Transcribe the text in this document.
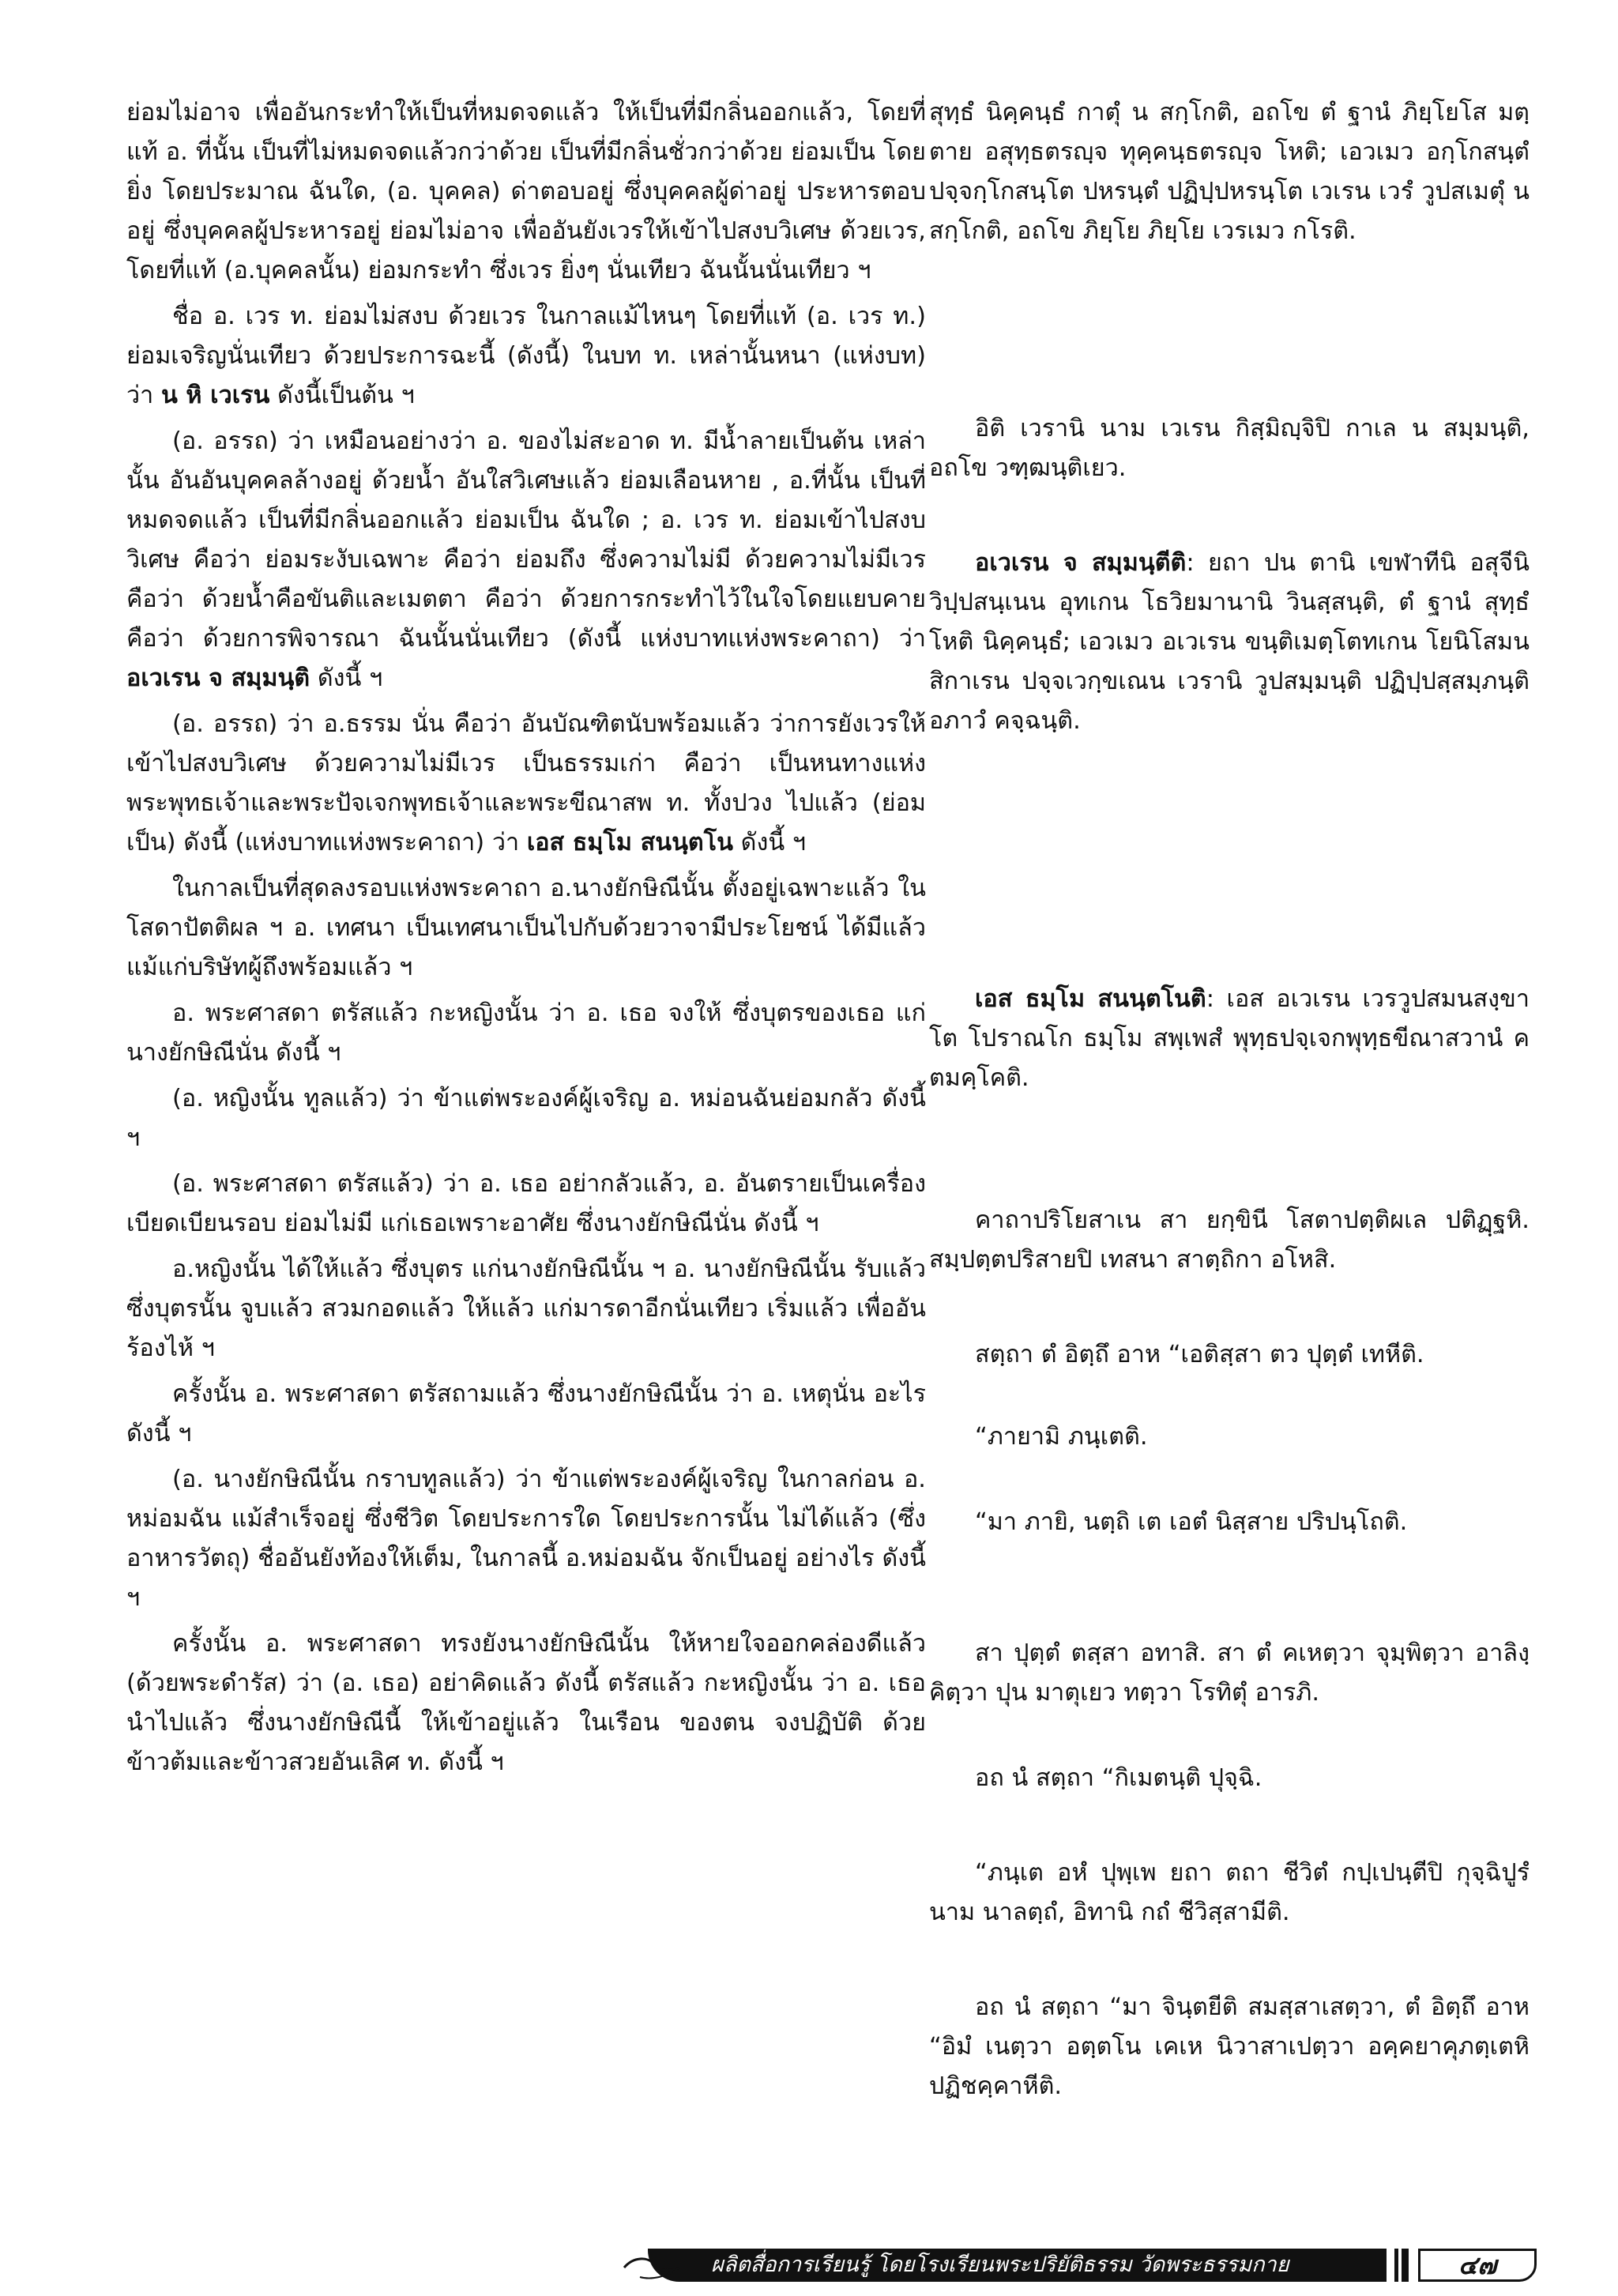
ย่อมไม่อาจ เพื่ออันกระทำให้เป็นที่หมดจดแล้ว ให้เป็นที่มีกลิ่นออกแล้ว, โดยที่แท้ อ. ที่นั้น เป็นที่ไม่หมดจดแล้วกว่าด้วย เป็นที่มีกลิ่นชั่วกว่าด้วย ย่อมเป็น โดยยิ่ง โดยประมาณ ฉันใด, (อ. บุคคล) ด่าตอบอยู่ ซึ่งบุคคลผู้ด่าอยู่ ประหารตอบอยู่ ซึ่งบุคคลผู้ประหารอยู่ ย่อมไม่อาจ เพื่ออันยังเวรให้เข้าไปสงบวิเศษ ด้วยเวร, โดยที่แท้ (อ.บุคคลนั้น) ย่อมกระทำ ซึ่งเวร ยิ่งๆ นั่นเทียว ฉันนั้นนั่นเทียว ฯ

ชื่อ อ. เวร ท. ย่อมไม่สงบ ด้วยเวร ในกาลแม้ไหนๆ โดยที่แท้ (อ. เวร ท.) ย่อมเจริญนั่นเทียว ด้วยประการฉะนี้ (ดังนี้) ในบท ท. เหล่านั้นหนา (แห่งบท) ว่า น หิ เวเรน ดังนี้เป็นต้น ฯ

(อ. อรรถ) ว่า เหมือนอย่างว่า อ. ของไม่สะอาด ท. มีน้ำลายเป็นต้น เหล่านั้น อันอันบุคคลล้างอยู่ ด้วยน้ำ อันใสวิเศษแล้ว ย่อมเลือนหาย , อ.ที่นั้น เป็นที่หมดจดแล้ว เป็นที่มีกลิ่นออกแล้ว ย่อมเป็น ฉันใด ; อ. เวร ท. ย่อมเข้าไปสงบวิเศษ คือว่า ย่อมระงับเฉพาะ คือว่า ย่อมถึง ซึ่งความไม่มี ด้วยความไม่มีเวร คือว่า ด้วยน้ำคือขันติและเมตตา คือว่า ด้วยการกระทำไว้ในใจโดยแยบคาย คือว่า ด้วยการพิจารณา ฉันนั้นนั่นเทียว (ดังนี้ แห่งบาทแห่งพระคาถา) ว่า อเวเรน จ สมฺมนฺติ ดังนี้ ฯ

(อ. อรรถ) ว่า อ.ธรรม นั่น คือว่า อันบัณฑิตนับพร้อมแล้ว ว่าการยังเวรให้เข้าไปสงบวิเศษ ด้วยความไม่มีเวร เป็นธรรมเก่า คือว่า เป็นหนทางแห่งพระพุทธเจ้าและพระปัจเจกพุทธเจ้าและพระขีณาสพ ท. ทั้งปวง ไปแล้ว (ย่อมเป็น) ดังนี้ (แห่งบาทแห่งพระคาถา) ว่า เอส ธมฺโม สนนฺตโน ดังนี้ ฯ

ในกาลเป็นที่สุดลงรอบแห่งพระคาถา อ.นางยักษิณีนั้น ตั้งอยู่เฉพาะแล้ว ในโสดาปัตติผล ฯ อ. เทศนา เป็นเทศนาเป็นไปกับด้วยวาจามีประโยชน์ ได้มีแล้ว แม้แก่บริษัทผู้ถึงพร้อมแล้ว ฯ

อ. พระศาสดา ตรัสแล้ว กะหญิงนั้น ว่า อ. เธอ จงให้ ซึ่งบุตรของเธอ แก่นางยักษิณีนั่น ดังนี้ ฯ

(อ. หญิงนั้น ทูลแล้ว) ว่า ข้าแต่พระองค์ผู้เจริญ อ. หม่อนฉันย่อมกลัว ดังนี้ ฯ

(อ. พระศาสดา ตรัสแล้ว) ว่า อ. เธอ อย่ากลัวแล้ว, อ. อันตรายเป็นเครื่องเบียดเบียนรอบ ย่อมไม่มี แก่เธอเพราะอาศัย ซึ่งนางยักษิณีนั่น ดังนี้ ฯ

อ.หญิงนั้น ได้ให้แล้ว ซึ่งบุตร แก่นางยักษิณีนั้น ฯ อ. นางยักษิณีนั้น รับแล้ว ซึ่งบุตรนั้น จูบแล้ว สวมกอดแล้ว ให้แล้ว แก่มารดาอีกนั่นเทียว เริ่มแล้ว เพื่ออันร้องไห้ ฯ

ครั้งนั้น อ. พระศาสดา ตรัสถามแล้ว ซึ่งนางยักษิณีนั้น ว่า อ. เหตุนั่น อะไร ดังนี้ ฯ

(อ. นางยักษิณีนั้น กราบทูลแล้ว) ว่า ข้าแต่พระองค์ผู้เจริญ ในกาลก่อน อ. หม่อมฉัน แม้สำเร็จอยู่ ซึ่งชีวิต โดยประการใด โดยประการนั้น ไม่ได้แล้ว (ซึ่งอาหารวัตถุ) ชื่ออันยังท้องให้เต็ม, ในกาลนี้ อ.หม่อมฉัน จักเป็นอยู่ อย่างไร ดังนี้ ฯ

ครั้งนั้น อ. พระศาสดา ทรงยังนางยักษิณีนั้น ให้หายใจออกคล่องดีแล้ว (ด้วยพระดำรัส) ว่า (อ. เธอ) อย่าคิดแล้ว ดังนี้ ตรัสแล้ว กะหญิงนั้น ว่า อ. เธอ นำไปแล้ว ซึ่งนางยักษิณีนี้ ให้เข้าอยู่แล้ว ในเรือน ของตน จงปฏิบัติ ด้วยข้าวต้มและข้าวสวยอันเลิศ ท. ดังนี้ ฯ

สุทฺธํ นิคฺคนฺธํ กาตุํ น สกฺโกติ, อถโข ตํ ฐานํ ภิยฺโยโส มตฺตาย อสุทฺธตรญฺจ ทุคฺคนฺธตรญฺจ โหติ; เอวเมว อกฺโกสนฺตํ ปจฺจกฺโกสนฺโต ปหรนฺตํ ปฏิปฺปหรนฺโต เวเรน เวรํ วูปสเมตุํ น สกฺโกติ, อถโข ภิยฺโย ภิยฺโย เวรเมว กโรติ.

อิติ เวรานิ นาม เวเรน กิสฺมิญฺจิปิ กาเล น สมฺมนฺติ, อถโข วฑฺฒนฺติเยว.

อเวเรน จ สมฺมนฺตีติ: ยถา ปน ตานิ เขฬาทีนิ อสุจีนิ วิปฺปสนฺเนน อุทเกน โธวิยมานานิ วินสฺสนฺติ, ตํ ฐานํ สุทฺธํ โหติ นิคฺคนฺธํ; เอวเมว อเวเรน ขนฺติเมตฺโตทเกน โยนิโสมนสิกาเรน ปจฺจเวกฺขเณน เวรานิ วูปสมฺมนฺติ ปฏิปฺปสฺสมฺภนฺติ อภาวํ คจฺฉนฺติ.

เอส ธมฺโม สนนฺตโนติ: เอส อเวเรน เวรวูปสมนสงฺขาโต โปราณโก ธมฺโม สพฺเพสํ พุทฺธปจฺเจกพุทฺธขีณาสวานํ คตมคฺโคติ.

คาถาปริโยสาเน สา ยกฺขินี โสตาปตฺติผเล ปติฏฺฐหิ. สมฺปตฺตปริสายปิ เทสนา สาตฺถิกา อโหสิ.

สตฺถา ตํ อิตฺถึ อาห “เอติสฺสา ตว ปุตฺตํ เทหีติ.

“ภายามิ ภนฺเตติ.

“มา ภายิ, นตฺถิ เต เอตํ นิสฺสาย ปริปนฺโถติ.

สา ปุตฺตํ ตสฺสา อทาสิ. สา ตํ คเหตฺวา จุมฺพิตฺวา อาลิงฺคิตฺวา ปุน มาตุเยว ทตฺวา โรทิตุํ อารภิ.

อถ นํ สตฺถา “กิเมตนฺติ ปุจฺฉิ.

“ภนฺเต อหํ ปุพฺเพ ยถา ตถา ชีวิตํ กปฺเปนฺตีปิ กุจฺฉิปูรํ นาม นาลตฺถํ, อิทานิ กถํ ชีวิสฺสามีติ.

อถ นํ สตฺถา “มา จินฺตยีติ สมสฺสาเสตฺวา, ตํ อิตฺถึ อาห “อิมํ เนตฺวา อตฺตโน เคเห นิวาสาเปตฺวา อคฺคยาคุภตฺเตหิ ปฏิชคฺคาหีติ.

ผลิตสื่อการเรียนรู้ โดยโรงเรียนพระปริยัติธรรม วัดพระธรรมกาย	๔๗
